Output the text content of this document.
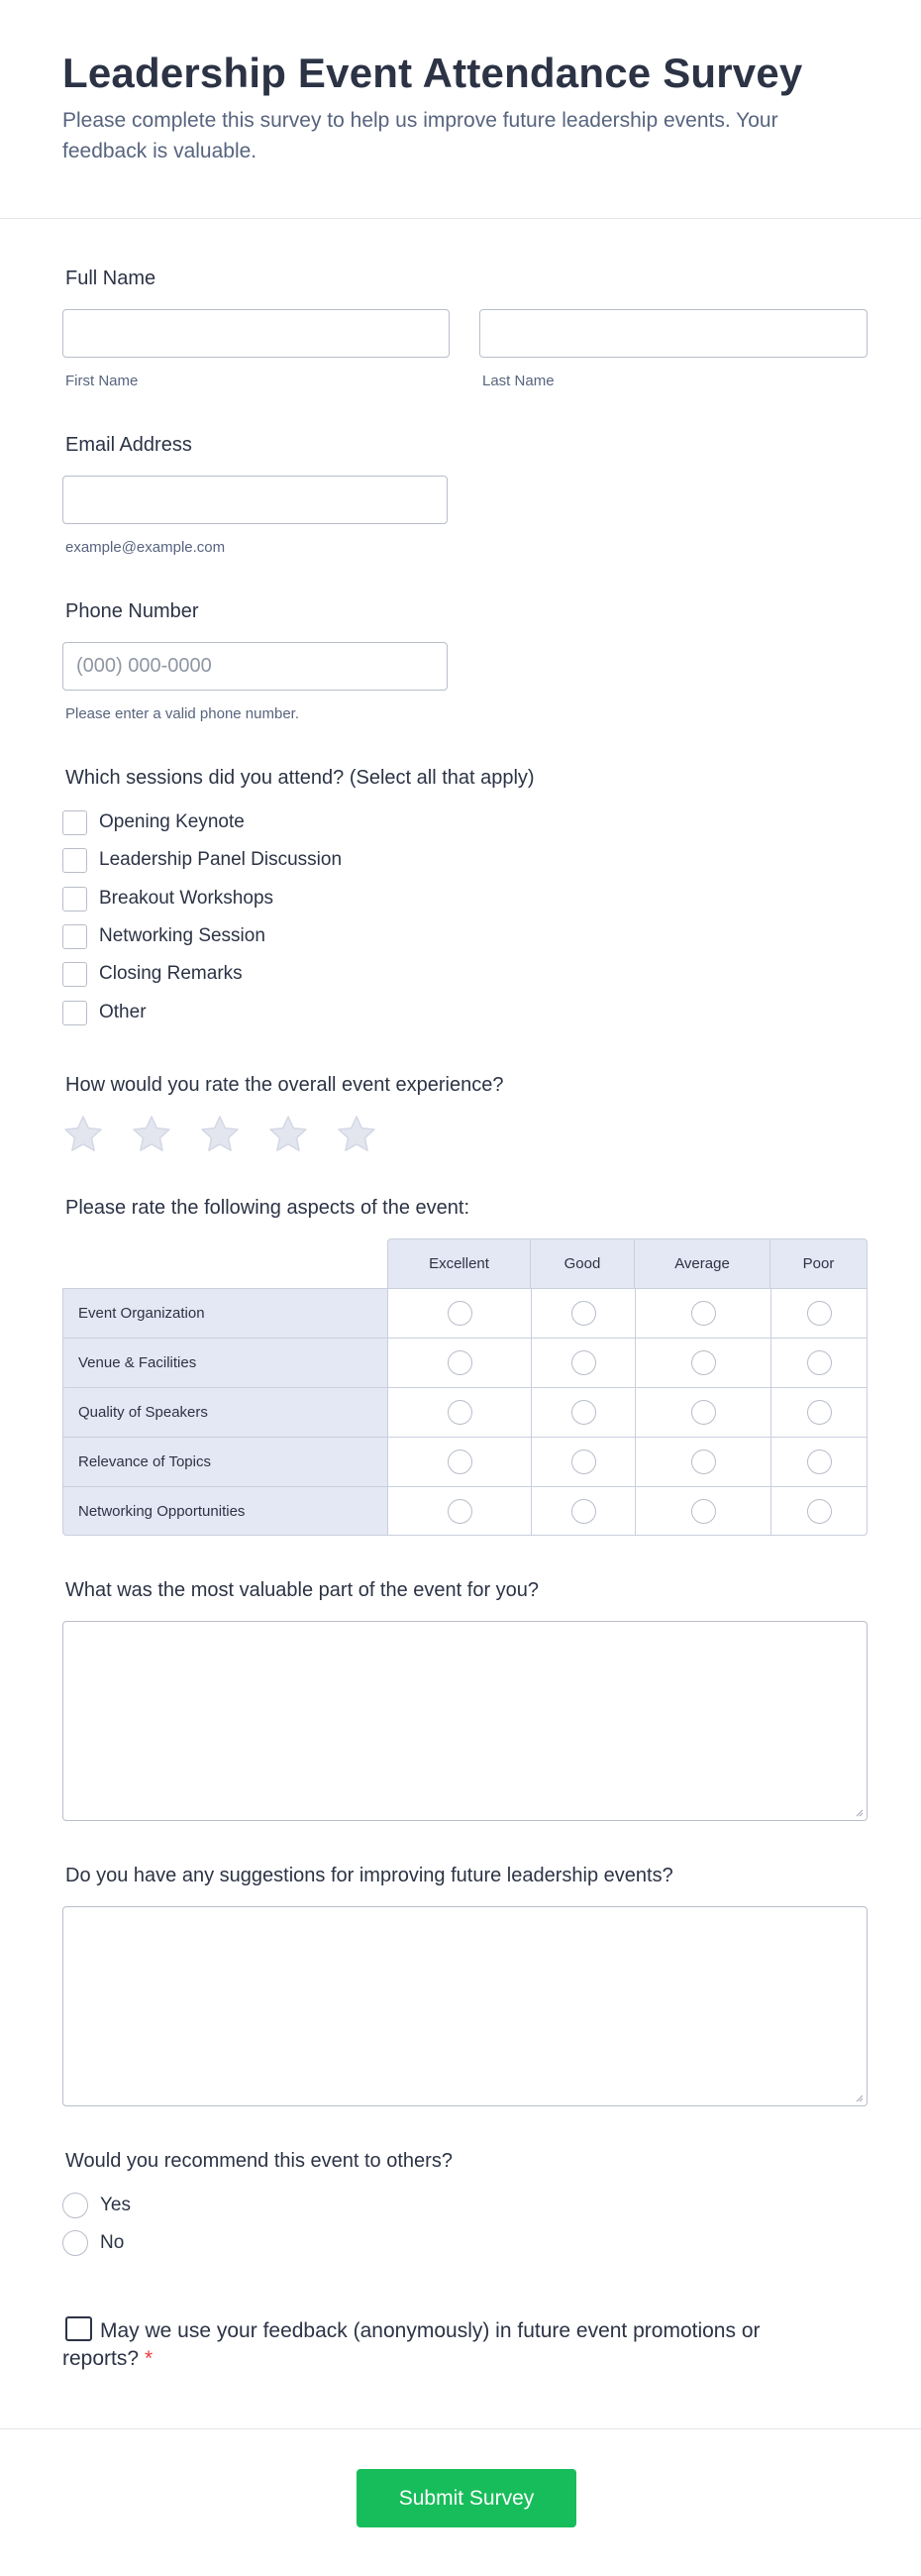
Leadership Event Attendance Survey

Please complete this survey to help us improve future leadership events. Your feedback is valuable.

Full Name
First Name	Last Name
Email Address
example@example.com
Phone Number
(000) 000-0000
Please enter a valid phone number.
Which sessions did you attend? (Select all that apply)
Opening Keynote
Leadership Panel Discussion
Breakout Workshops
Networking Session
Closing Remarks
Other
How would you rate the overall event experience?
Please rate the following aspects of the event:
	Excellent	Good	Average	Poor
Event Organization				
Venue & Facilities				
Quality of Speakers				
Relevance of Topics				
Networking Opportunities				
What was the most valuable part of the event for you?
Do you have any suggestions for improving future leadership events?
Would you recommend this event to others?
Yes
No
May we use your feedback (anonymously) in future event promotions or reports? *
Submit Survey
